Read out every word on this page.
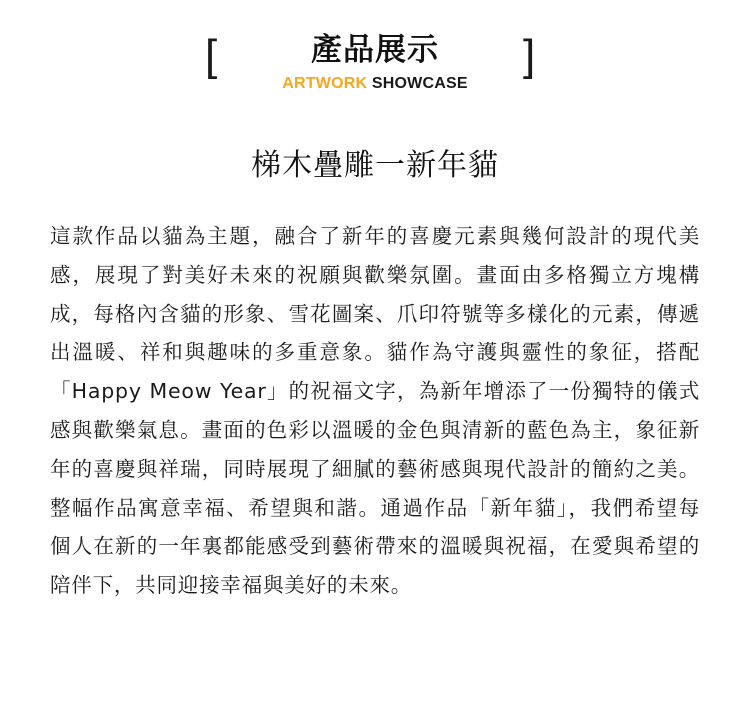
[	產品展示
ARTWORK SHOWCASE
]
梯木疊雕一新年貓

這款作品以貓為主題，融合了新年的喜慶元素與幾何設計的現代美感，展現了對美好未來的祝願與歡樂氛圍。畫面由多格獨立方塊構成，每格內含貓的形象、雪花圖案、爪印符號等多樣化的元素，傳遞出溫暖、祥和與趣味的多重意象。貓作為守護與靈性的象征，搭配「Happy Meow Year」的祝福文字，為新年增添了一份獨特的儀式感與歡樂氣息。畫面的色彩以溫暖的金色與清新的藍色為主，象征新年的喜慶與祥瑞，同時展現了細膩的藝術感與現代設計的簡約之美。整幅作品寓意幸福、希望與和諧。通過作品「新年貓」，我們希望每個人在新的一年裏都能感受到藝術帶來的溫暖與祝福，在愛與希望的陪伴下，共同迎接幸福與美好的未來。
